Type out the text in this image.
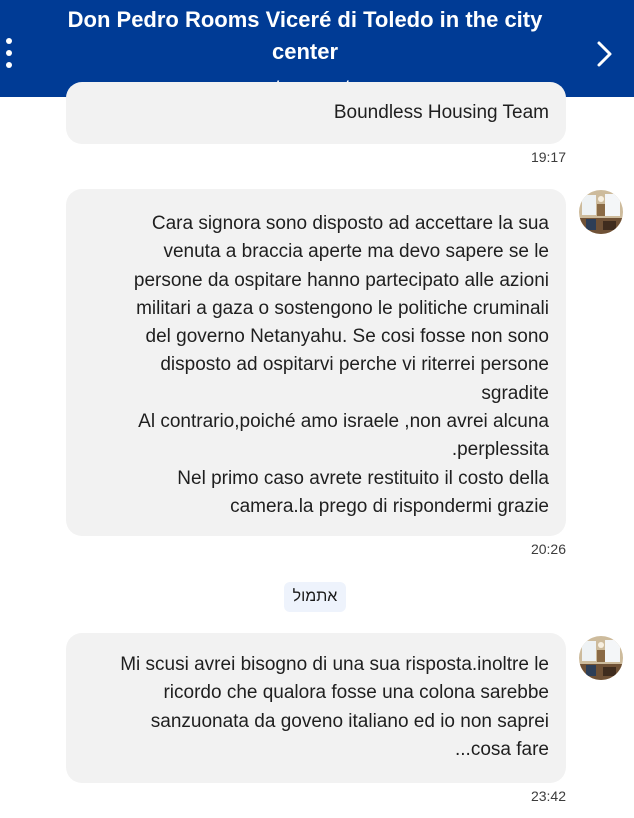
Don Pedro Rooms Viceré di Toledo in the city center
Boundless Housing Team
19:17
Cara signora sono disposto ad accettare la sua
venuta a braccia aperte ma devo sapere se le
persone da ospitare hanno partecipato alle azioni
militari a gaza o sostengono le politiche cruminali
del governo Netanyahu. Se cosi fosse non sono
disposto ad ospitarvi perche vi riterrei persone
sgradite
Al contrario,poiché amo israele ,non avrei alcuna
.perplessita
Nel primo caso avrete restituito il costo della
camera.la prego di rispondermi grazie
20:26
אתמול
Mi scusi avrei bisogno di una sua risposta.inoltre le
ricordo che qualora fosse una colona sarebbe
sanzuonata da goveno italiano ed io non saprei
...cosa fare
23:42
